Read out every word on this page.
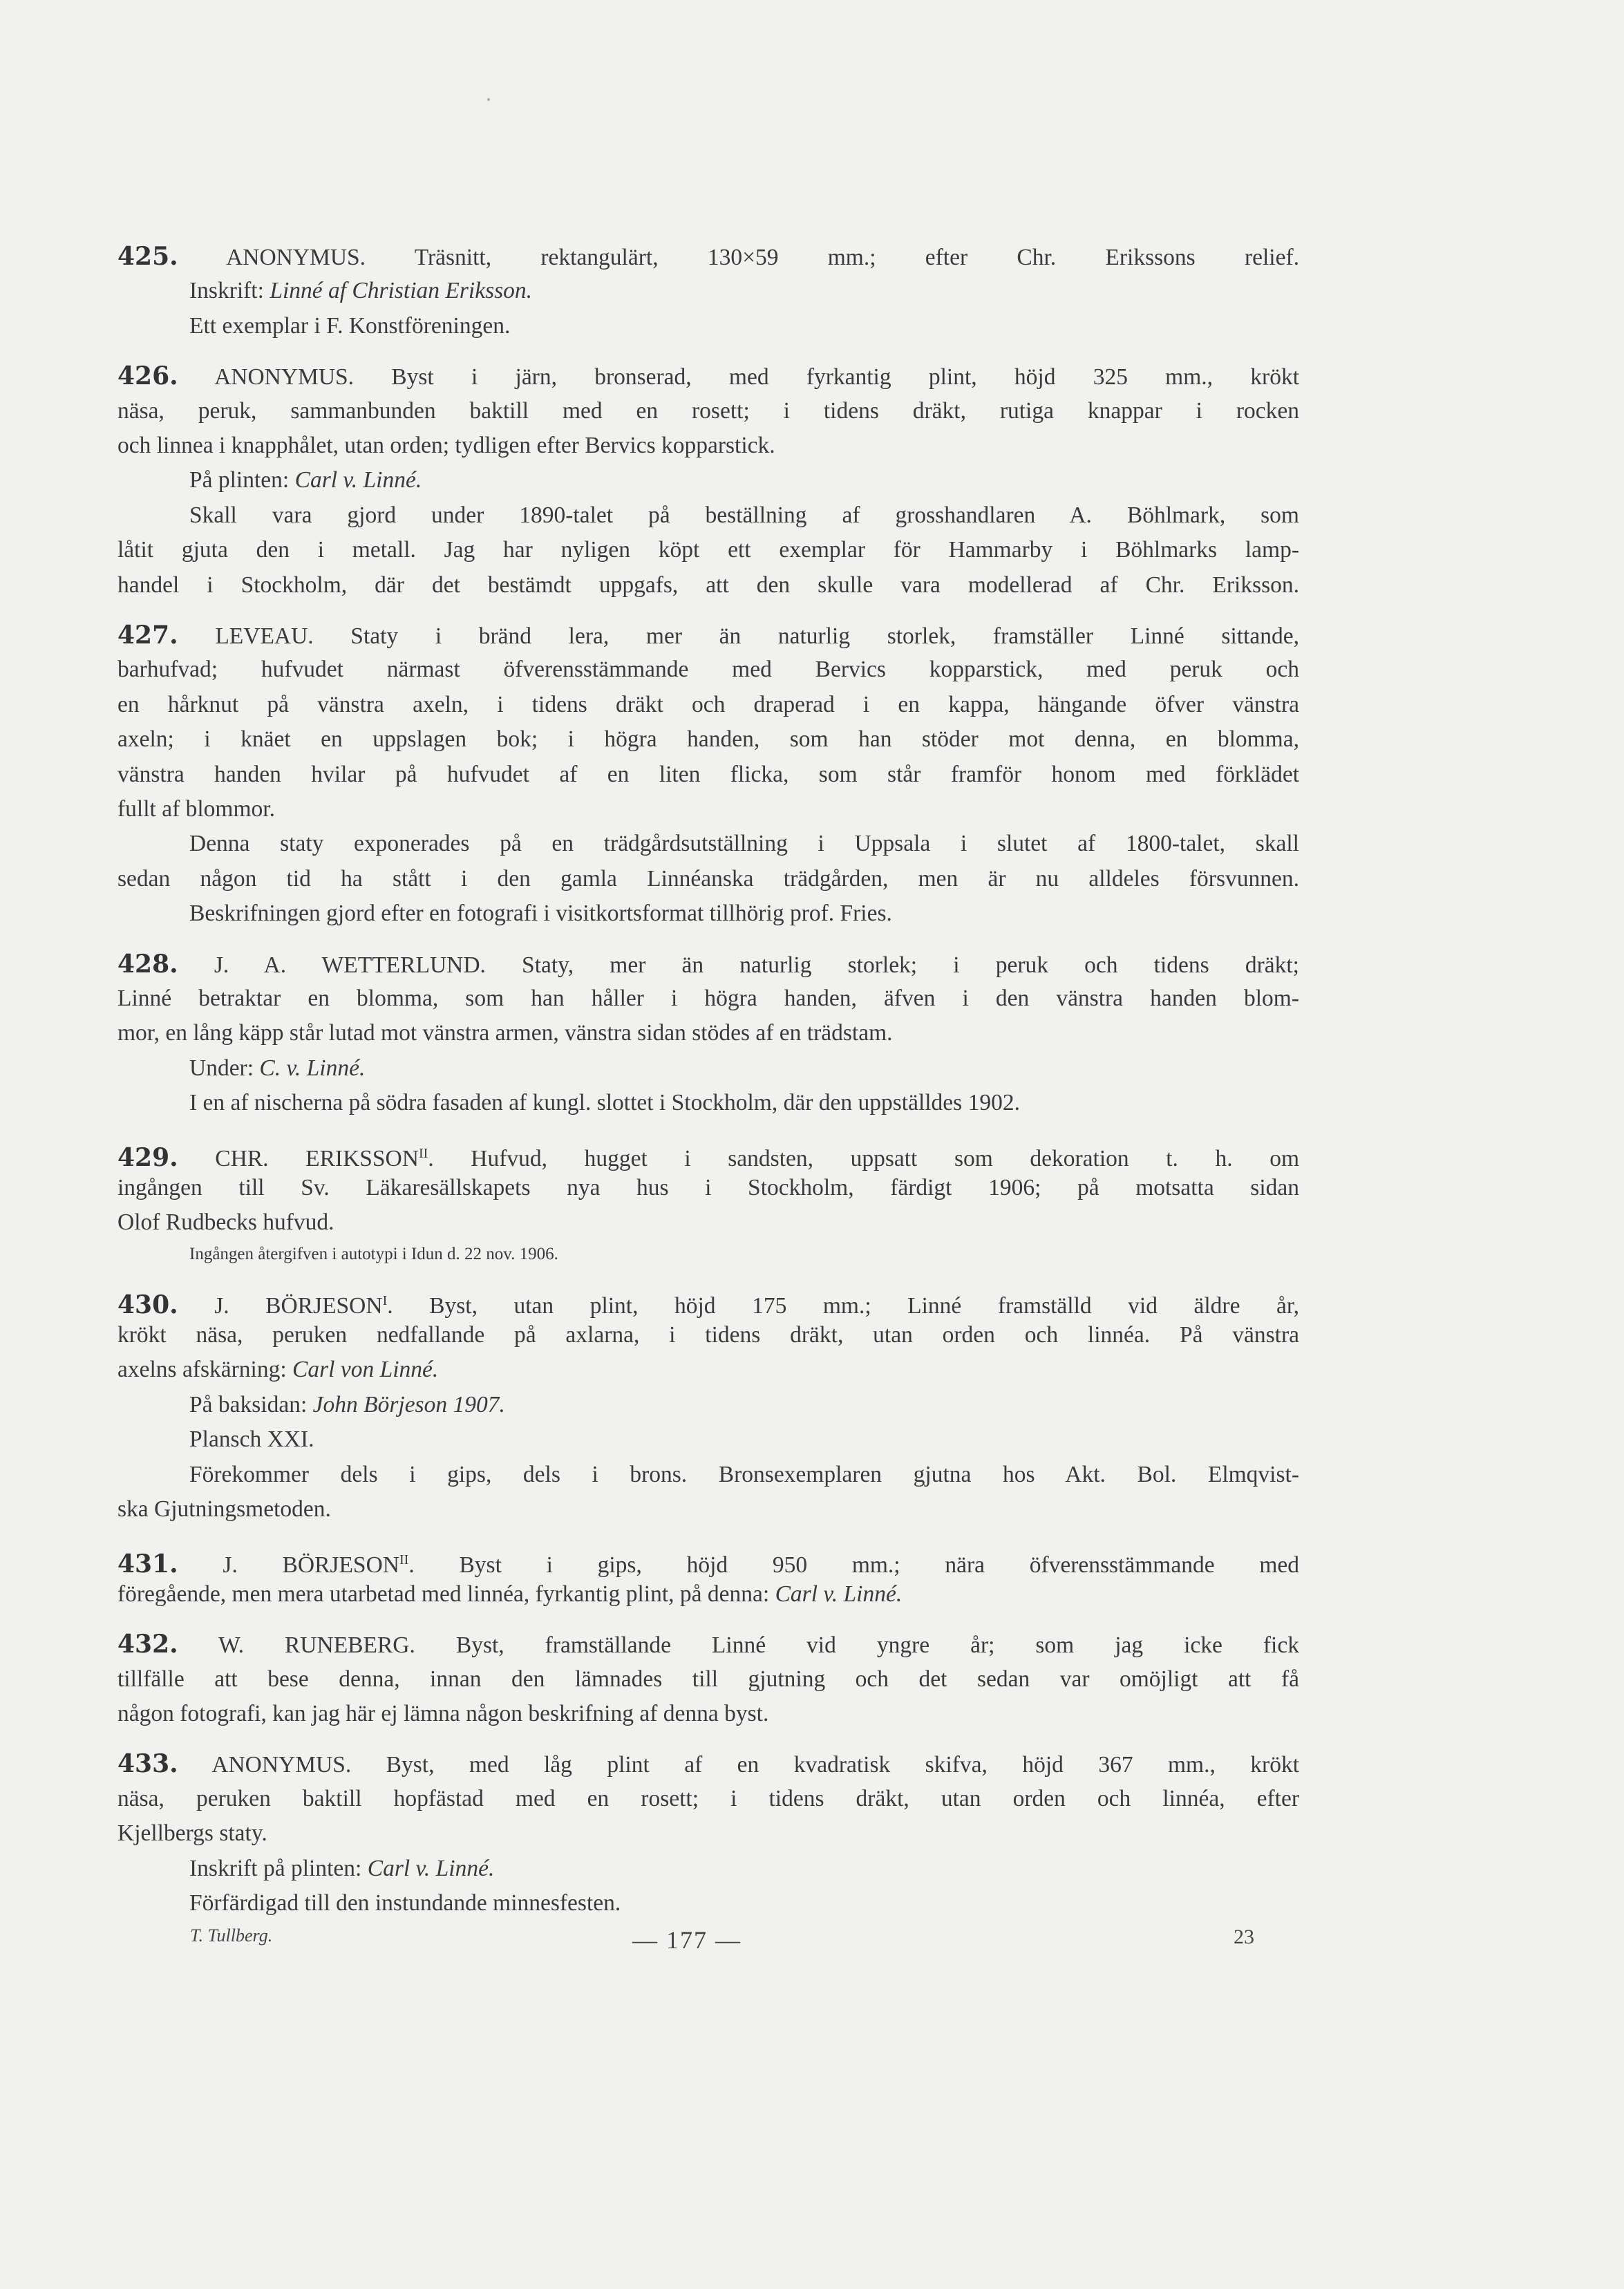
425. ANONYMUS. Träsnitt, rektangulärt, 130×59 mm.; efter Chr. Erikssons relief.
Inskrift: Linné af Christian Eriksson.
Ett exemplar i F. Konstföreningen.
426. ANONYMUS. Byst i järn, bronserad, med fyrkantig plint, höjd 325 mm., krökt
näsa, peruk, sammanbunden baktill med en rosett; i tidens dräkt, rutiga knappar i rocken
och linnea i knapphålet, utan orden; tydligen efter Bervics kopparstick.
På plinten: Carl v. Linné.
Skall vara gjord under 1890-talet på beställning af grosshandlaren A. Böhlmark, som
låtit gjuta den i metall. Jag har nyligen köpt ett exemplar för Hammarby i Böhlmarks lamp-
handel i Stockholm, där det bestämdt uppgafs, att den skulle vara modellerad af Chr. Eriksson.
427. LEVEAU. Staty i bränd lera, mer än naturlig storlek, framställer Linné sittande,
barhufvad; hufvudet närmast öfverensstämmande med Bervics kopparstick, med peruk och
en hårknut på vänstra axeln, i tidens dräkt och draperad i en kappa, hängande öfver vänstra
axeln; i knäet en uppslagen bok; i högra handen, som han stöder mot denna, en blomma,
vänstra handen hvilar på hufvudet af en liten flicka, som står framför honom med förklädet
fullt af blommor.
Denna staty exponerades på en trädgårdsutställning i Uppsala i slutet af 1800-talet, skall
sedan någon tid ha stått i den gamla Linnéanska trädgården, men är nu alldeles försvunnen.
Beskrifningen gjord efter en fotografi i visitkortsformat tillhörig prof. Fries.
428. J. A. WETTERLUND. Staty, mer än naturlig storlek; i peruk och tidens dräkt;
Linné betraktar en blomma, som han håller i högra handen, äfven i den vänstra handen blom-
mor, en lång käpp står lutad mot vänstra armen, vänstra sidan stödes af en trädstam.
Under: C. v. Linné.
I en af nischerna på södra fasaden af kungl. slottet i Stockholm, där den uppställdes 1902.
429. CHR. $ERIKSSON^{II}$. Hufvud, hugget i sandsten, uppsatt som dekoration t. h. om
ingången till Sv. Läkaresällskapets nya hus i Stockholm, färdigt 1906; på motsatta sidan
Olof Rudbecks hufvud.
Ingången återgifven i autotypi i Idun d. 22 nov. 1906.
430. J. $BÖRJESON^I$. Byst, utan plint, höjd 175 mm.; Linné framställd vid äldre år,
krökt näsa, peruken nedfallande på axlarna, i tidens dräkt, utan orden och linnéa. På vänstra
axelns afskärning: Carl von Linné.
På baksidan: John Börjeson 1907.
Plansch XXI.
Förekommer dels i gips, dels i brons. Bronsexemplaren gjutna hos Akt. Bol. Elmqvist-
ska Gjutningsmetoden.
431. J. $BÖRJESON^{II}$. Byst i gips, höjd 950 mm.; nära öfverensstämmande med
föregående, men mera utarbetad med linnéa, fyrkantig plint, på denna: Carl v. Linné.
432. W. RUNEBERG. Byst, framställande Linné vid yngre år; som jag icke fick
tillfälle att bese denna, innan den lämnades till gjutning och det sedan var omöjligt att få
någon fotografi, kan jag här ej lämna någon beskrifning af denna byst.
433. ANONYMUS. Byst, med låg plint af en kvadratisk skifva, höjd 367 mm., krökt
näsa, peruken baktill hopfästad med en rosett; i tidens dräkt, utan orden och linnéa, efter
Kjellbergs staty.
Inskrift på plinten: Carl v. Linné.
Förfärdigad till den instundande minnesfesten.
T. Tullberg.	— 177 —	23
